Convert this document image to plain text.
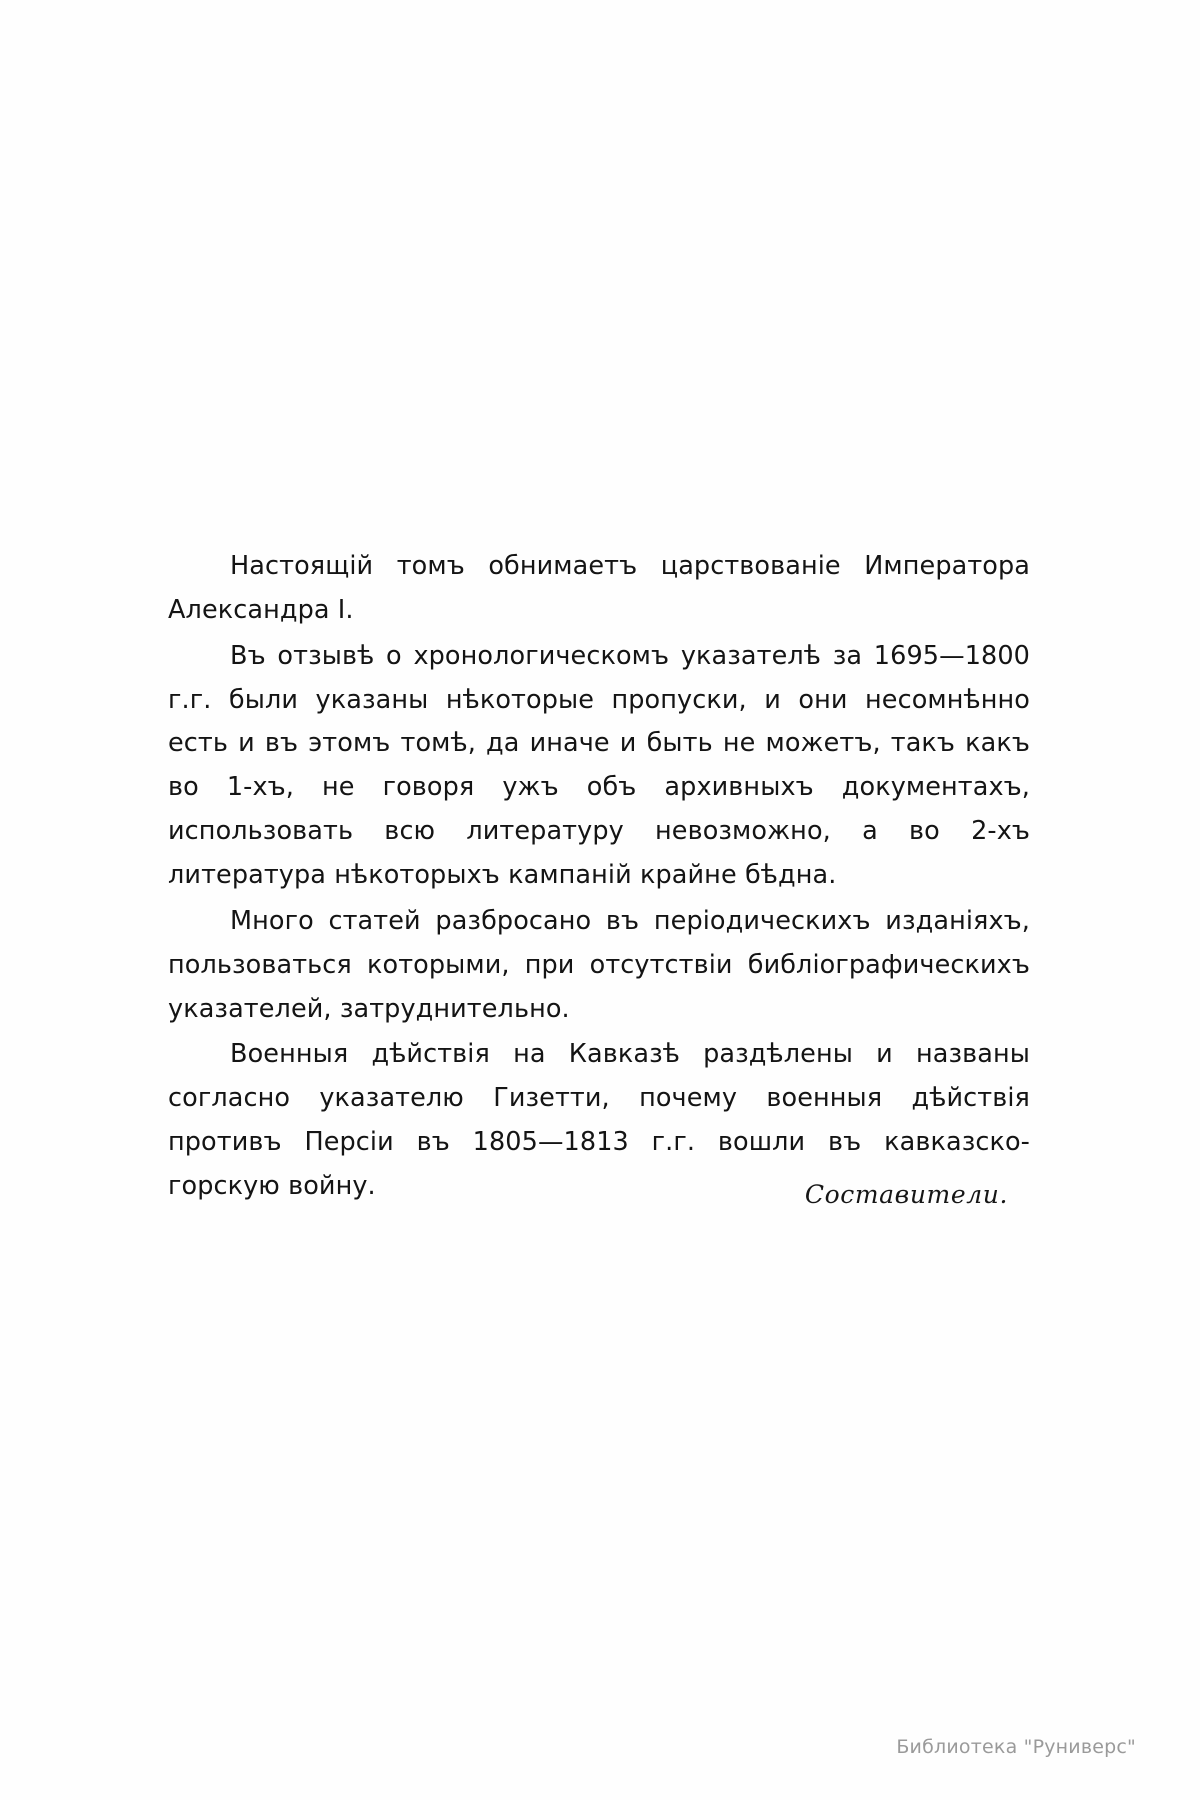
Настоящій томъ обнимаетъ царствованіе Императора Александра I.

Въ отзывѣ о хронологическомъ указателѣ за 1695—1800 г.г. были указаны нѣкоторые пропуски, и они несомнѣнно есть и въ этомъ томѣ, да иначе и быть не можетъ, такъ какъ во 1-хъ, не говоря ужъ объ архивныхъ документахъ, использовать всю литературу невозможно, а во 2-хъ литература нѣкоторыхъ кампаній крайне бѣдна.

Много статей разбросано въ періодическихъ изданіяхъ, пользоваться которыми, при отсутствіи библіографическихъ указателей, затруднительно.

Военныя дѣйствія на Кавказѣ раздѣлены и названы согласно указателю Гизетти, почему военныя дѣйствія противъ Персіи въ 1805—1813 г.г. вошли въ кавказско-горскую войну.	Составители.
Библиотека "Руниверс"
